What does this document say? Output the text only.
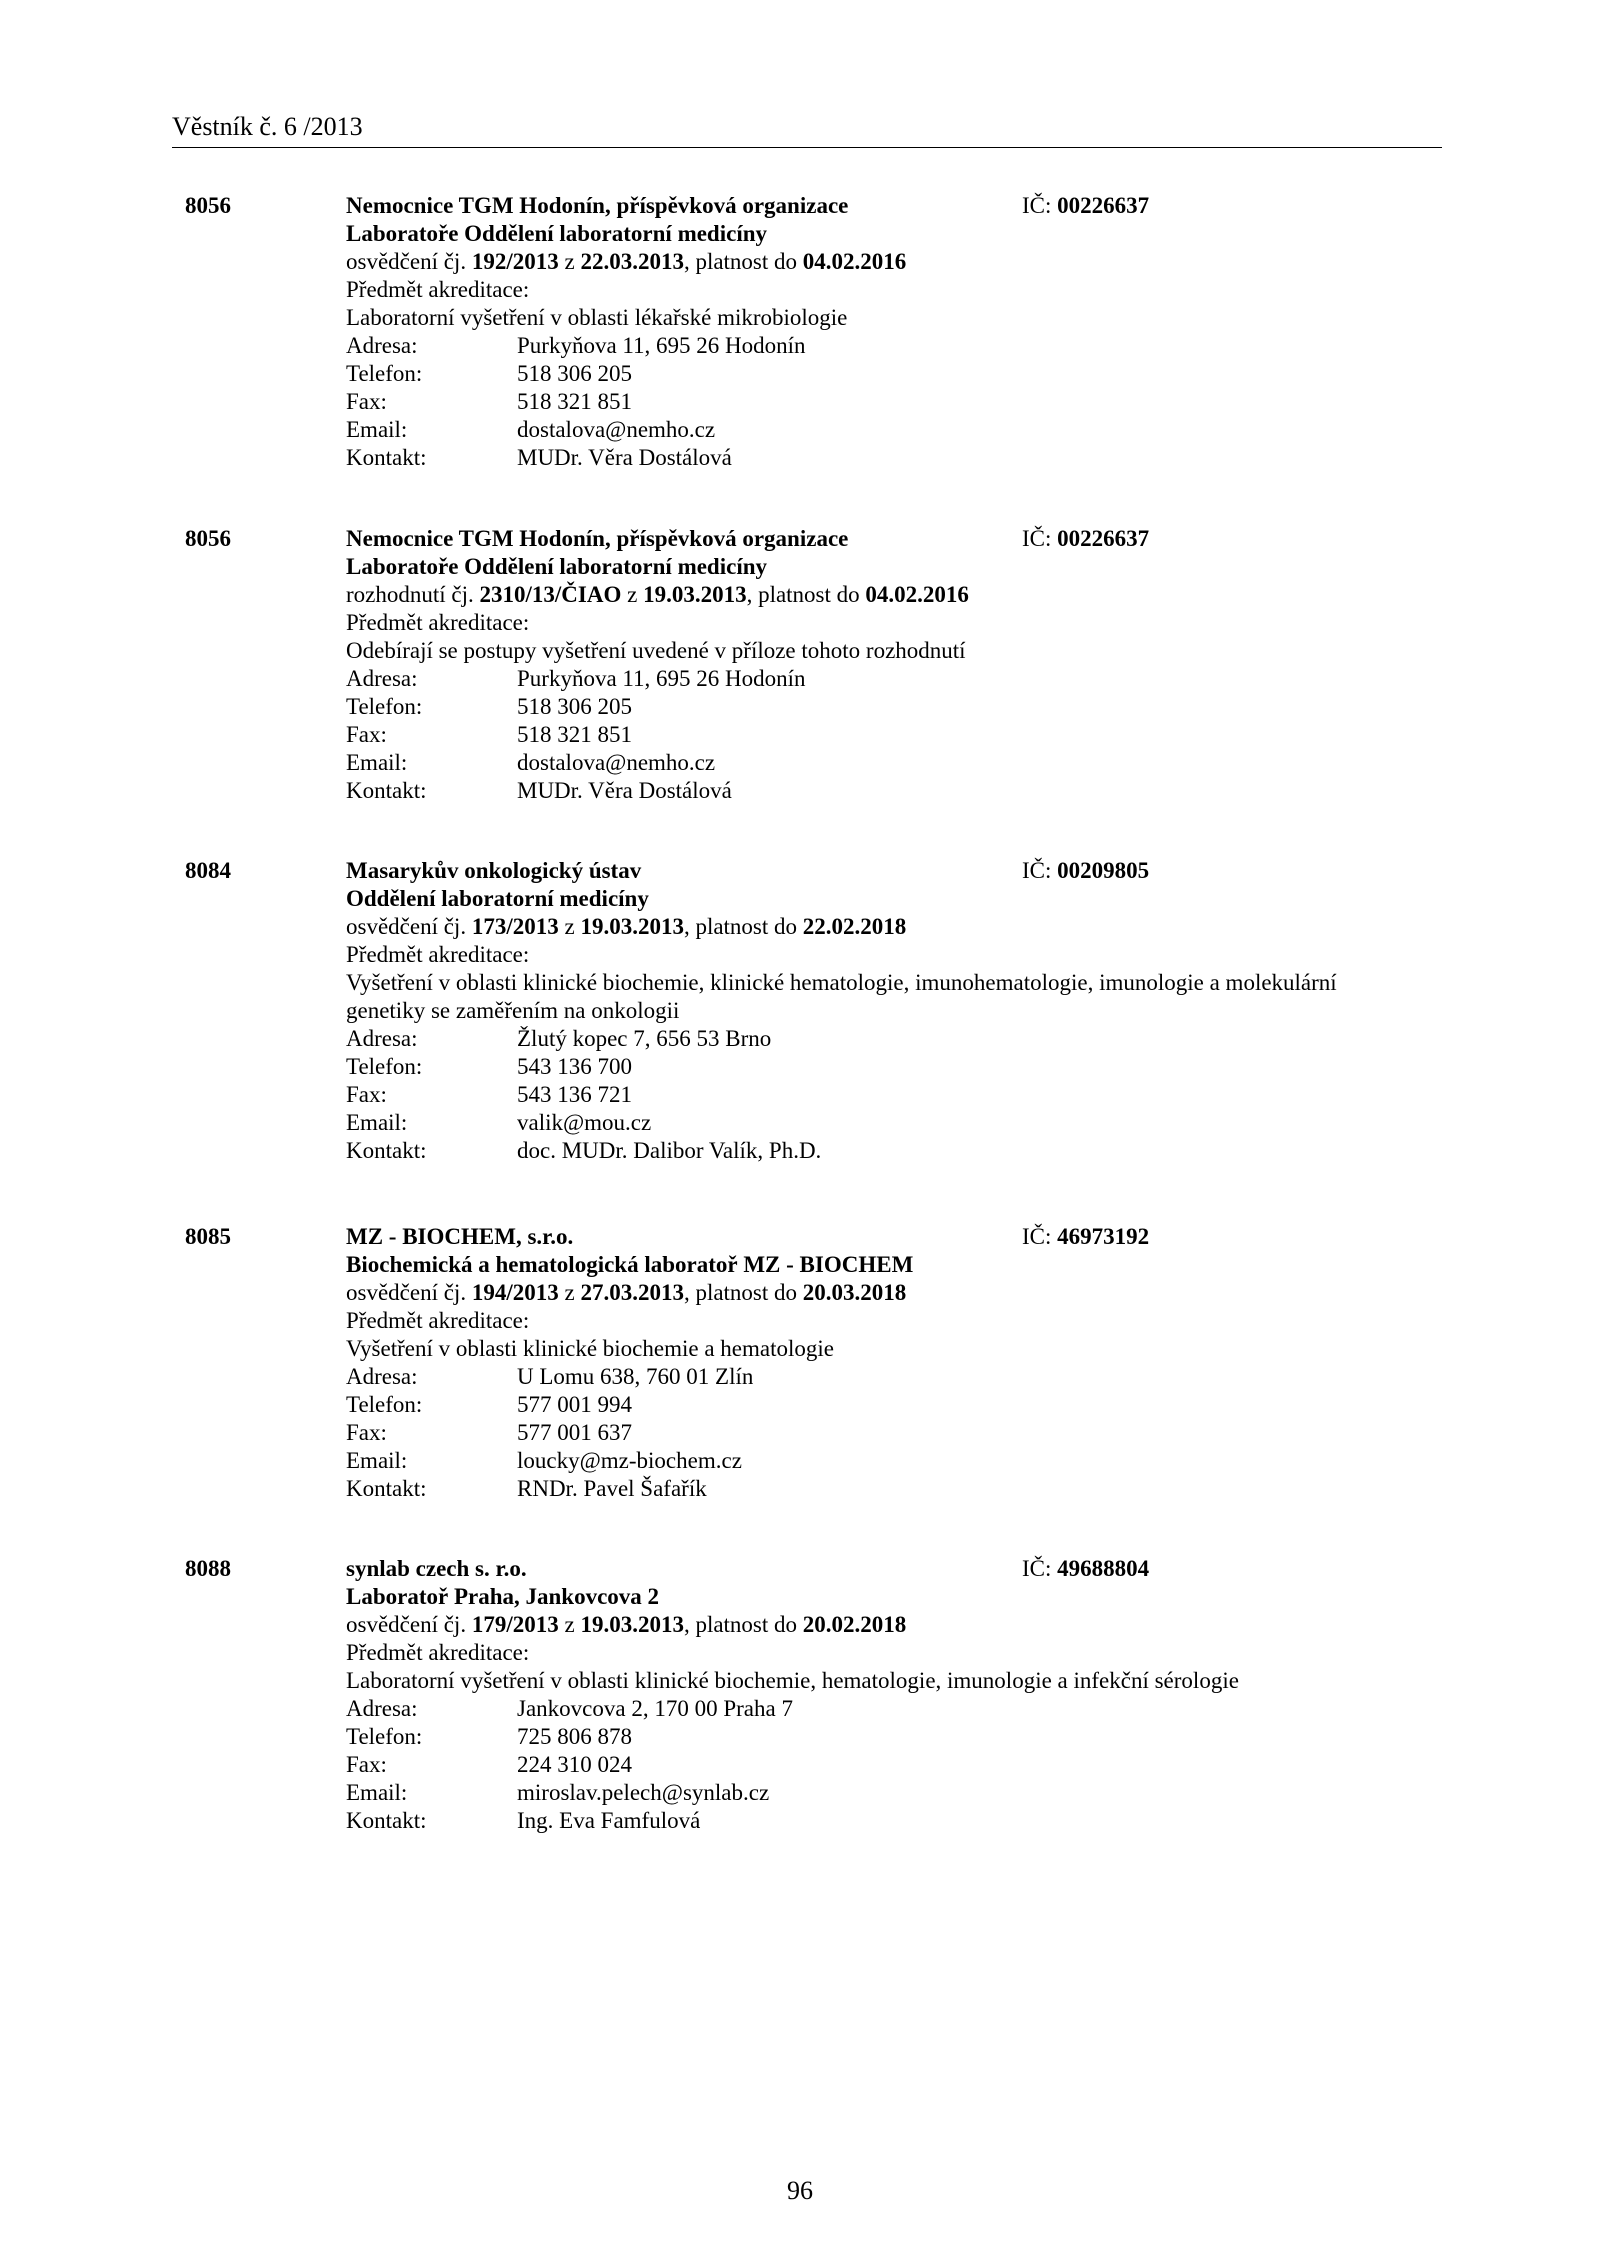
Věstník č. 6 /2013
8056	Nemocnice TGM Hodonín, příspěvková organizace	IČ: 00226637
Laboratoře Oddělení laboratorní medicíny
osvědčení čj. 192/2013 z 22.03.2013, platnost do 04.02.2016
Předmět akreditace:
Laboratorní vyšetření v oblasti lékařské mikrobiologie
Adresa:	Purkyňova 11, 695 26 Hodonín
Telefon:	518 306 205
Fax:	518 321 851
Email:	dostalova@nemho.cz
Kontakt:	MUDr. Věra Dostálová
8056	Nemocnice TGM Hodonín, příspěvková organizace	IČ: 00226637
Laboratoře Oddělení laboratorní medicíny
rozhodnutí čj. 2310/13/ČIAO z 19.03.2013, platnost do 04.02.2016
Předmět akreditace:
Odebírají se postupy vyšetření uvedené v příloze tohoto rozhodnutí
Adresa:	Purkyňova 11, 695 26 Hodonín
Telefon:	518 306 205
Fax:	518 321 851
Email:	dostalova@nemho.cz
Kontakt:	MUDr. Věra Dostálová
8084	Masarykův onkologický ústav	IČ: 00209805
Oddělení laboratorní medicíny
osvědčení čj. 173/2013 z 19.03.2013, platnost do 22.02.2018
Předmět akreditace:
Vyšetření v oblasti klinické biochemie, klinické hematologie, imunohematologie, imunologie a molekulární genetiky se zaměřením na onkologii
Adresa:	Žlutý kopec 7, 656 53 Brno
Telefon:	543 136 700
Fax:	543 136 721
Email:	valik@mou.cz
Kontakt:	doc. MUDr. Dalibor Valík, Ph.D.
8085	MZ - BIOCHEM, s.r.o.	IČ: 46973192
Biochemická a hematologická laboratoř MZ - BIOCHEM
osvědčení čj. 194/2013 z 27.03.2013, platnost do 20.03.2018
Předmět akreditace:
Vyšetření v oblasti klinické biochemie a hematologie
Adresa:	U Lomu 638, 760 01 Zlín
Telefon:	577 001 994
Fax:	577 001 637
Email:	loucky@mz-biochem.cz
Kontakt:	RNDr. Pavel Šafařík
8088	synlab czech s. r.o.	IČ: 49688804
Laboratoř Praha, Jankovcova 2
osvědčení čj. 179/2013 z 19.03.2013, platnost do 20.02.2018
Předmět akreditace:
Laboratorní vyšetření v oblasti klinické biochemie, hematologie, imunologie a infekční sérologie
Adresa:	Jankovcova 2, 170 00 Praha 7
Telefon:	725 806 878
Fax:	224 310 024
Email:	miroslav.pelech@synlab.cz
Kontakt:	Ing. Eva Famfulová
96
